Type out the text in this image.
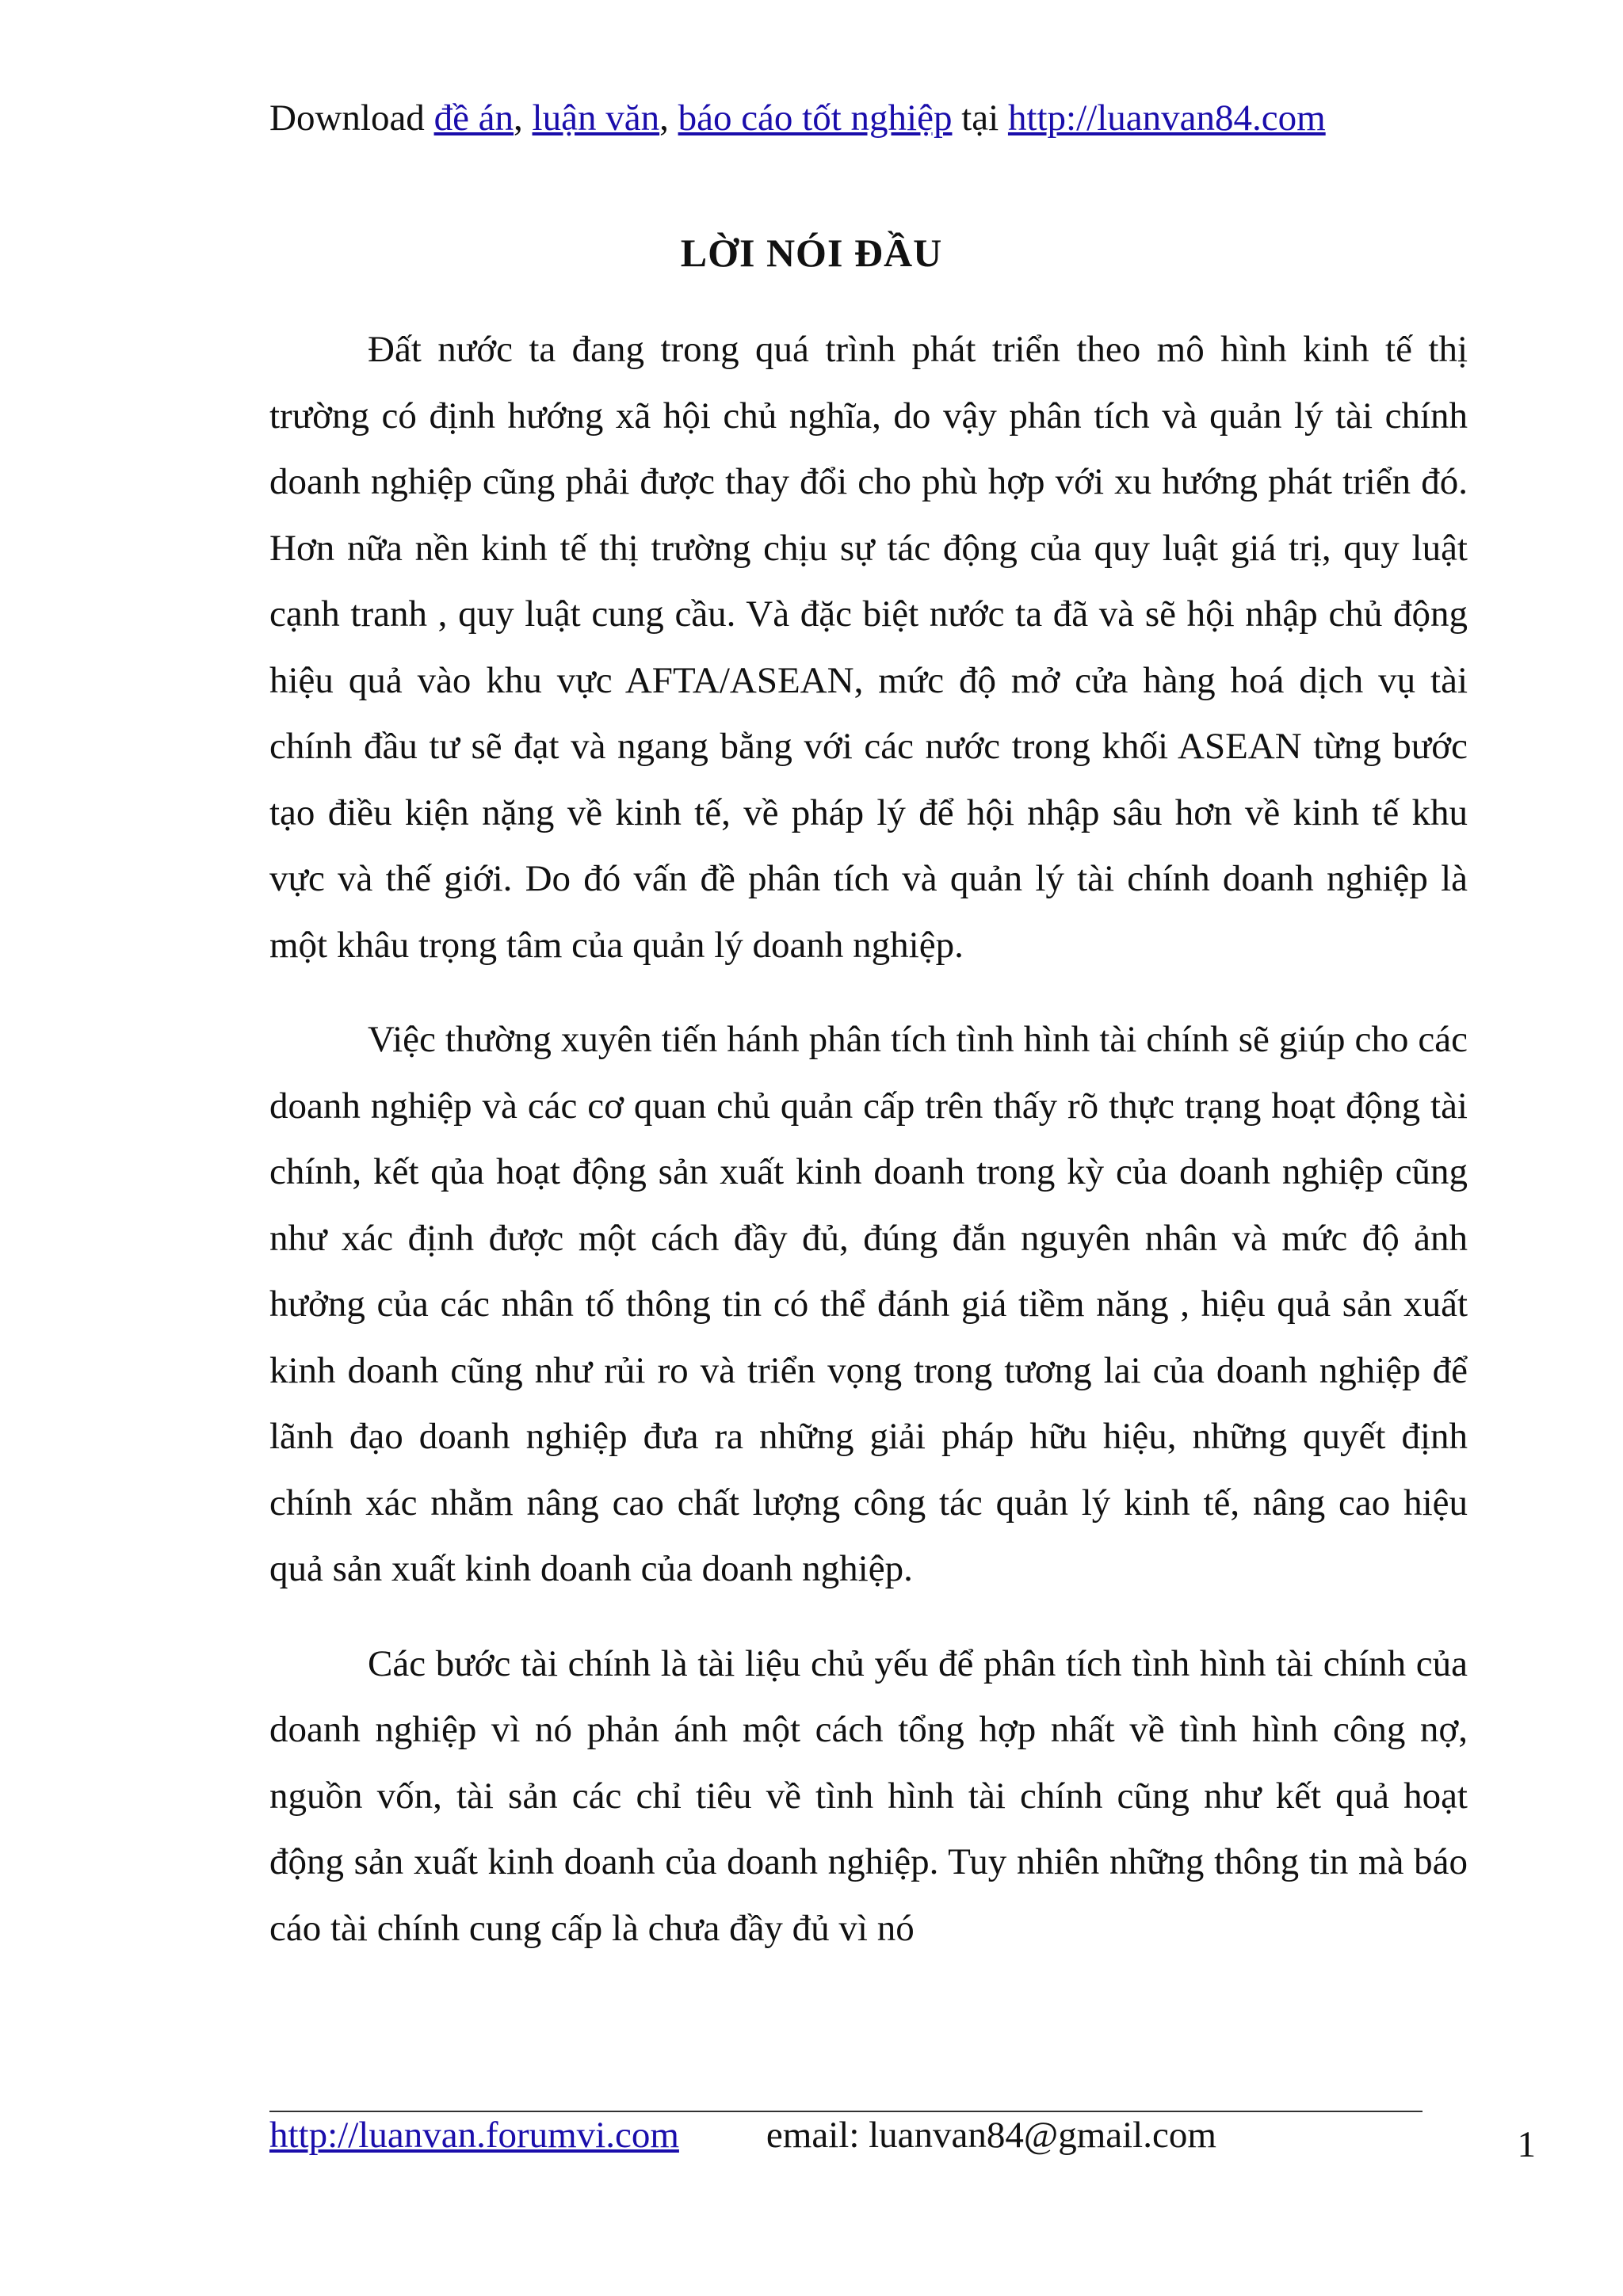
Download đề án, luận văn, báo cáo tốt nghiệp tại http://luanvan84.com
LỜI NÓI ĐẦU

Đất nước ta đang trong quá trình phát triển theo mô hình kinh tế thị trường có định hướng xã hội chủ nghĩa, do vậy phân tích và quản lý tài chính doanh nghiệp cũng phải được thay đổi cho phù hợp với xu hướng phát triển đó. Hơn nữa nền kinh tế thị trường chịu sự tác động của quy luật giá trị, quy luật cạnh tranh , quy luật cung cầu. Và đặc biệt nước ta đã và sẽ hội nhập chủ động hiệu quả vào khu vực AFTA/ASEAN, mức độ mở cửa hàng hoá dịch vụ tài chính đầu tư sẽ đạt và ngang bằng với các nước trong khối ASEAN từng bước tạo điều kiện nặng về kinh tế, về pháp lý để hội nhập sâu hơn về kinh tế khu vực và thế giới. Do đó vấn đề phân tích và quản lý tài chính doanh nghiệp là một khâu trọng tâm của quản lý doanh nghiệp.

Việc thường xuyên tiến hánh phân tích tình hình tài chính sẽ giúp cho các doanh nghiệp và các cơ quan chủ quản cấp trên thấy rõ thực trạng hoạt động tài chính, kết qủa hoạt động sản xuất kinh doanh trong kỳ của doanh nghiệp cũng như xác định được một cách đầy đủ, đúng đắn nguyên nhân và mức độ ảnh hưởng của các nhân tố thông tin có thể đánh giá tiềm năng , hiệu quả sản xuất kinh doanh cũng như rủi ro và triển vọng trong tương lai của doanh nghiệp để lãnh đạo doanh nghiệp đưa ra những giải pháp hữu hiệu, những quyết định chính xác nhằm nâng cao chất lượng công tác quản lý kinh tế, nâng cao hiệu quả sản xuất kinh doanh của doanh nghiệp.

Các bước tài chính là tài liệu chủ yếu để phân tích tình hình tài chính của doanh nghiệp vì nó phản ánh một cách tổng hợp nhất về tình hình công nợ, nguồn vốn, tài sản các chỉ tiêu về tình hình tài chính cũng như kết quả hoạt động sản xuất kinh doanh của doanh nghiệp. Tuy nhiên những thông tin mà báo cáo tài chính cung cấp là chưa đầy đủ vì nó

http://luanvan.forumvi.com email: luanvan84@gmail.com	1
